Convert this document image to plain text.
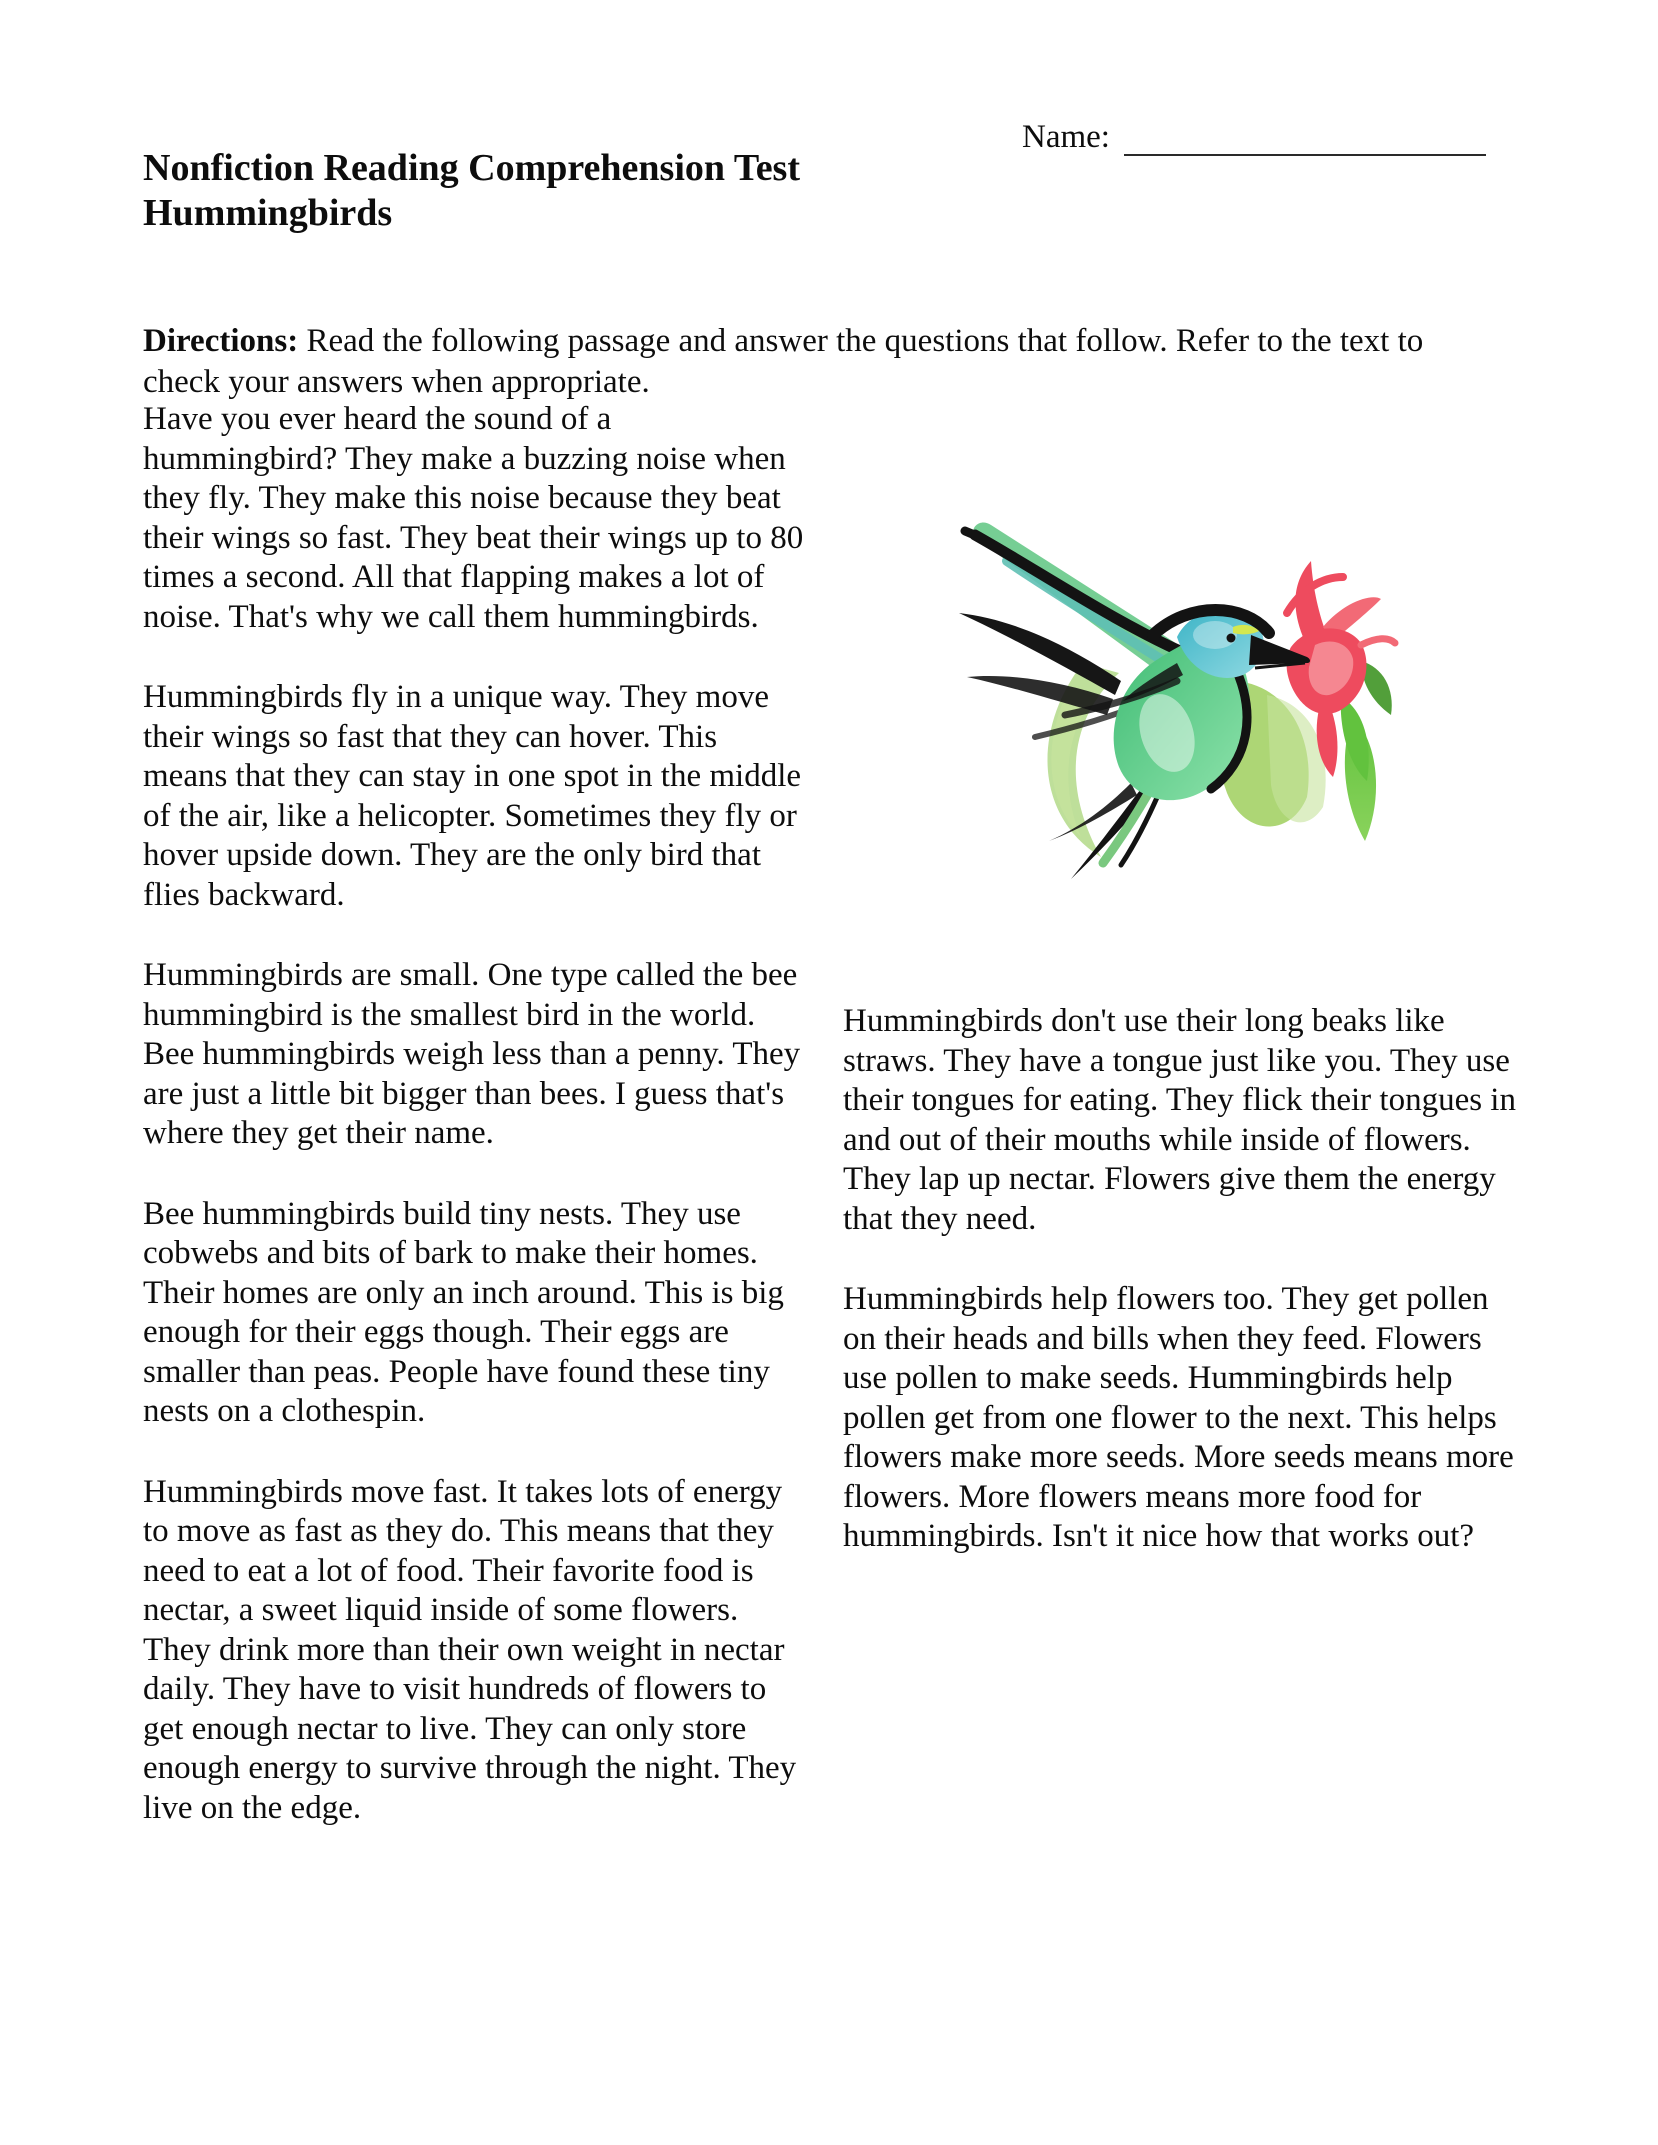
Name:
Nonfiction Reading Comprehension Test
Hummingbirds

Directions: Read the following passage and answer the questions that follow. Refer to the text to check your answers when appropriate.

Have you ever heard the sound of a hummingbird? They make a buzzing noise when they fly. They make this noise because they beat their wings so fast. They beat their wings up to 80 times a second. All that flapping makes a lot of noise. That's why we call them hummingbirds.

Hummingbirds fly in a unique way. They move their wings so fast that they can hover. This means that they can stay in one spot in the middle of the air, like a helicopter. Sometimes they fly or hover upside down. They are the only bird that flies backward.

Hummingbirds are small. One type called the bee hummingbird is the smallest bird in the world. Bee hummingbirds weigh less than a penny. They are just a little bit bigger than bees. I guess that's where they get their name.

Bee hummingbirds build tiny nests. They use cobwebs and bits of bark to make their homes. Their homes are only an inch around. This is big enough for their eggs though. Their eggs are smaller than peas. People have found these tiny nests on a clothespin.

Hummingbirds move fast. It takes lots of energy to move as fast as they do. This means that they need to eat a lot of food. Their favorite food is nectar, a sweet liquid inside of some flowers. They drink more than their own weight in nectar daily. They have to visit hundreds of flowers to get enough nectar to live. They can only store enough energy to survive through the night. They live on the edge.

Hummingbirds don't use their long beaks like straws. They have a tongue just like you. They use their tongues for eating. They flick their tongues in and out of their mouths while inside of flowers. They lap up nectar. Flowers give them the energy that they need.

Hummingbirds help flowers too. They get pollen on their heads and bills when they feed. Flowers use pollen to make seeds. Hummingbirds help pollen get from one flower to the next. This helps flowers make more seeds. More seeds means more flowers. More flowers means more food for hummingbirds. Isn't it nice how that works out?
